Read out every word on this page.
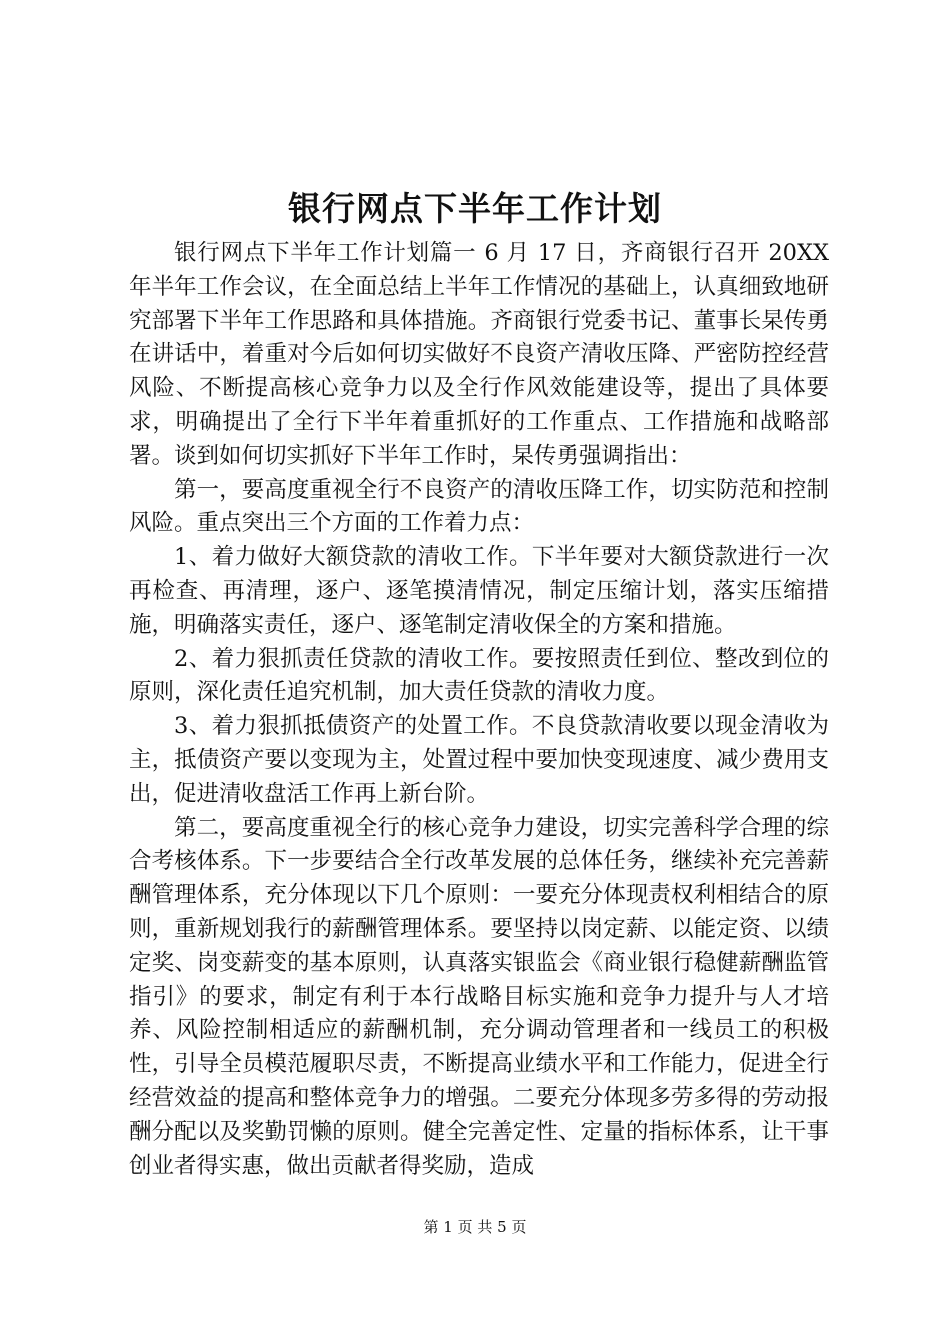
银行网点下半年工作计划

银行网点下半年工作计划篇一 6 月 17 日，齐商银行召开 20XX 年半年工作会议，在全面总结上半年工作情况的基础上，认真细致地研究部署下半年工作思路和具体措施。齐商银行党委书记、董事长杲传勇在讲话中，着重对今后如何切实做好不良资产清收压降、严密防控经营风险、不断提高核心竞争力以及全行作风效能建设等，提出了具体要求，明确提出了全行下半年着重抓好的工作重点、工作措施和战略部署。谈到如何切实抓好下半年工作时，杲传勇强调指出：

第一，要高度重视全行不良资产的清收压降工作，切实防范和控制风险。重点突出三个方面的工作着力点：

1、着力做好大额贷款的清收工作。下半年要对大额贷款进行一次再检查、再清理，逐户、逐笔摸清情况，制定压缩计划，落实压缩措施，明确落实责任，逐户、逐笔制定清收保全的方案和措施。

2、着力狠抓责任贷款的清收工作。要按照责任到位、整改到位的原则，深化责任追究机制，加大责任贷款的清收力度。

3、着力狠抓抵债资产的处置工作。不良贷款清收要以现金清收为主，抵债资产要以变现为主，处置过程中要加快变现速度、减少费用支出，促进清收盘活工作再上新台阶。

第二，要高度重视全行的核心竞争力建设，切实完善科学合理的综合考核体系。下一步要结合全行改革发展的总体任务，继续补充完善薪酬管理体系，充分体现以下几个原则：一要充分体现责权利相结合的原则，重新规划我行的薪酬管理体系。要坚持以岗定薪、以能定资、以绩定奖、岗变薪变的基本原则，认真落实银监会《商业银行稳健薪酬监管指引》的要求，制定有利于本行战略目标实施和竞争力提升与人才培养、风险控制相适应的薪酬机制，充分调动管理者和一线员工的积极性，引导全员模范履职尽责，不断提高业绩水平和工作能力，促进全行经营效益的提高和整体竞争力的增强。二要充分体现多劳多得的劳动报酬分配以及奖勤罚懒的原则。健全完善定性、定量的指标体系，让干事创业者得实惠，做出贡献者得奖励，造成

第 1 页 共 5 页
